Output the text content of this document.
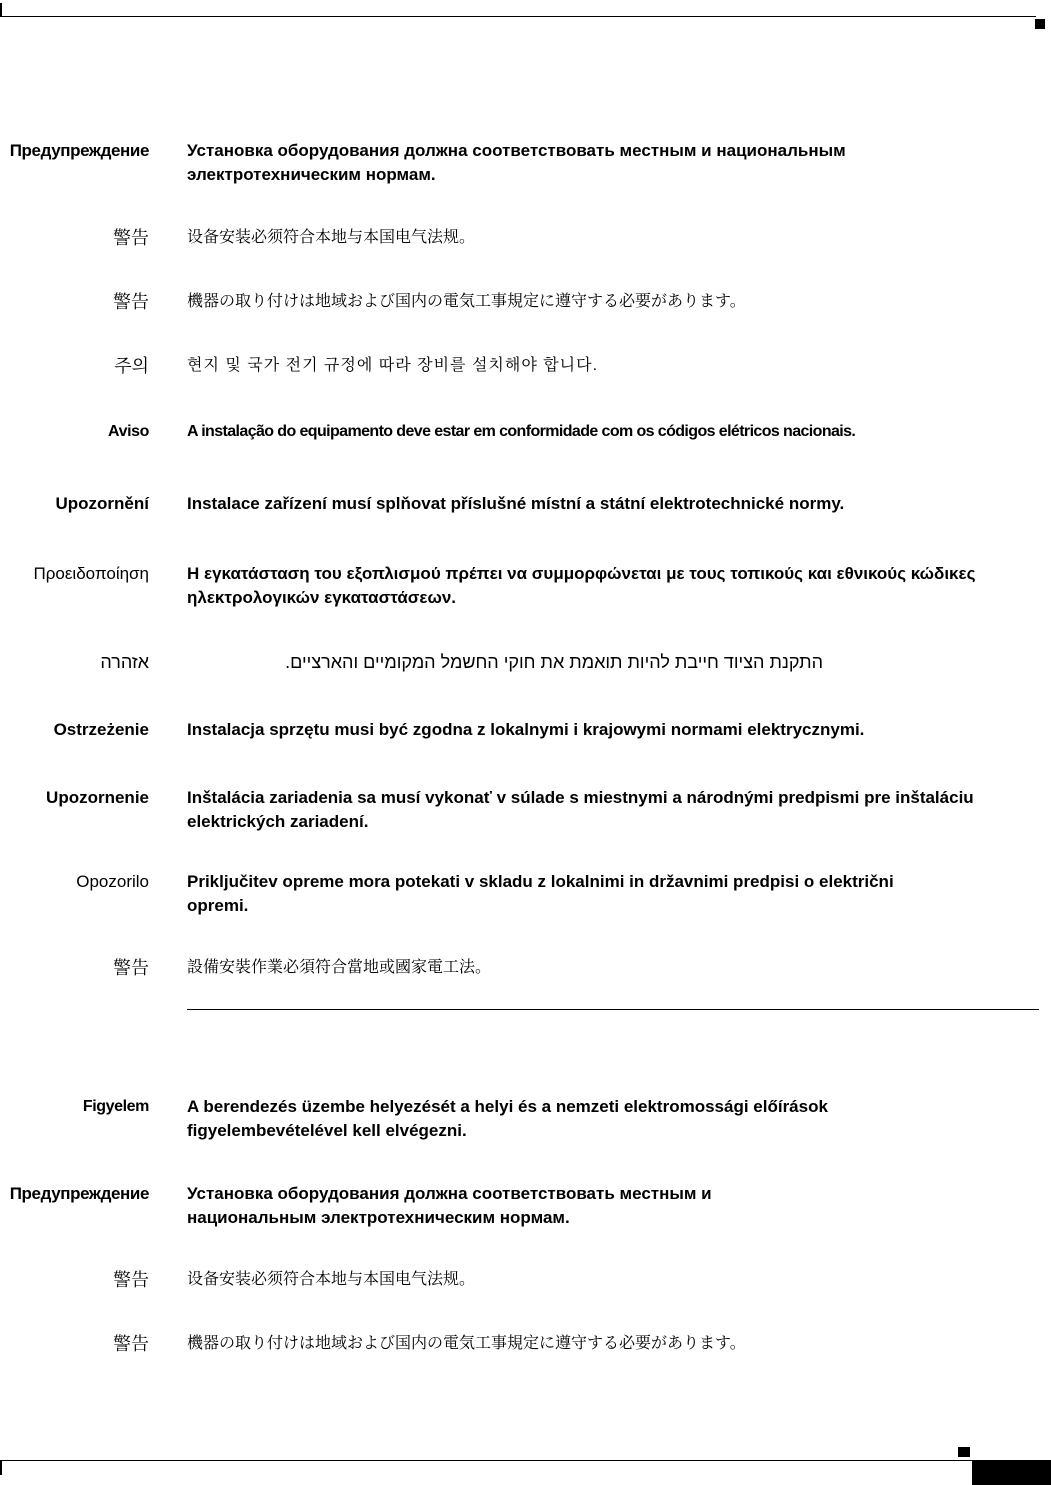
Предупреждение Установка оборудования должна соответствовать местным и национальным электротехническим нормам.
警告 设备安装必须符合本地与本国电气法规。
警告 機器の取り付けは地域および国内の電気工事規定に遵守する必要があります。
주의 현지 및 국가 전기 규정에 따라 장비를 설치해야 합니다.
Aviso A instalação do equipamento deve estar em conformidade com os códigos elétricos nacionais.
Upozornění Instalace zařízení musí splňovat příslušné místní a státní elektrotechnické normy.
Προειδοποίηση Η εγκατάσταση του εξοπλισμού πρέπει να συμμορφώνεται με τους τοπικούς και εθνικούς κώδικες ηλεκτρολογικών εγκαταστάσεων.
אזהרה	התקנת הציוד חייבת להיות תואמת את חוקי החשמל המקומיים והארציים.
Ostrzeżenie Instalacja sprzętu musi być zgodna z lokalnymi i krajowymi normami elektrycznymi.
Upozornenie Inštalácia zariadenia sa musí vykonať v súlade s miestnymi a národnými predpismi pre inštaláciu elektrických zariadení.
Opozorilo Priključitev opreme mora potekati v skladu z lokalnimi in državnimi predpisi o električni opremi.
警告 設備安裝作業必須符合當地或國家電工法。
Figyelem A berendezés üzembe helyezését a helyi és a nemzeti elektromossági előírások figyelembevételével kell elvégezni.
Предупреждение Установка оборудования должна соответствовать местным и национальным электротехническим нормам.
警告 设备安装必须符合本地与本国电气法规。
警告 機器の取り付けは地域および国内の電気工事規定に遵守する必要があります。
